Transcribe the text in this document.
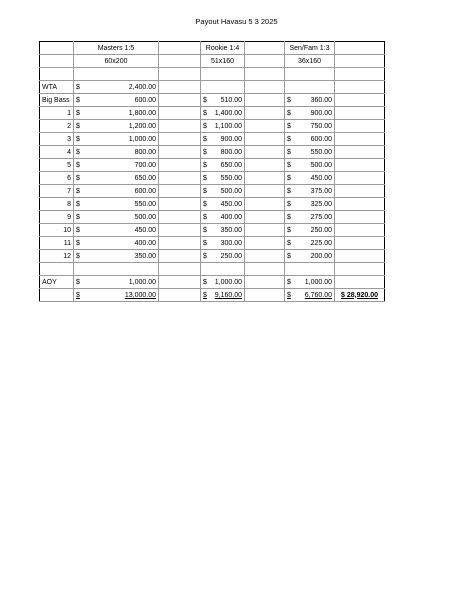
Payout Havasu 5 3 2025
	Masters 1:5		Rookie 1:4		Sen/Fam 1:3	
	60x200		51x160		36x160	

WTA	$ 2,400.00					

Big Bass	$ 600.00		$ 510.00		$ 360.00	

1	$ 1,800.00		$ 1,400.00		$ 900.00	

2	$ 1,200.00		$ 1,100.00		$ 750.00	

3	$ 1,000.00		$ 900.00		$ 600.00	

4	$ 800.00		$ 800.00		$ 550.00	

5	$ 700.00		$ 650.00		$ 500.00	

6	$ 650.00		$ 550.00		$ 450.00	

7	$ 600.00		$ 500.00		$ 375.00	

8	$ 550.00		$ 450.00		$ 325.00	

9	$ 500.00		$ 400.00		$ 275.00	

10	$ 450.00		$ 350.00		$ 250.00	

11	$ 400.00		$ 300.00		$ 225.00	

12	$ 350.00		$ 250.00		$ 200.00	

AOY	$ 1,000.00		$ 1,000.00		$ 1,000.00	

	$ 13,000.00		$ 9,160.00		$ 6,760.00	$ 28,920.00
